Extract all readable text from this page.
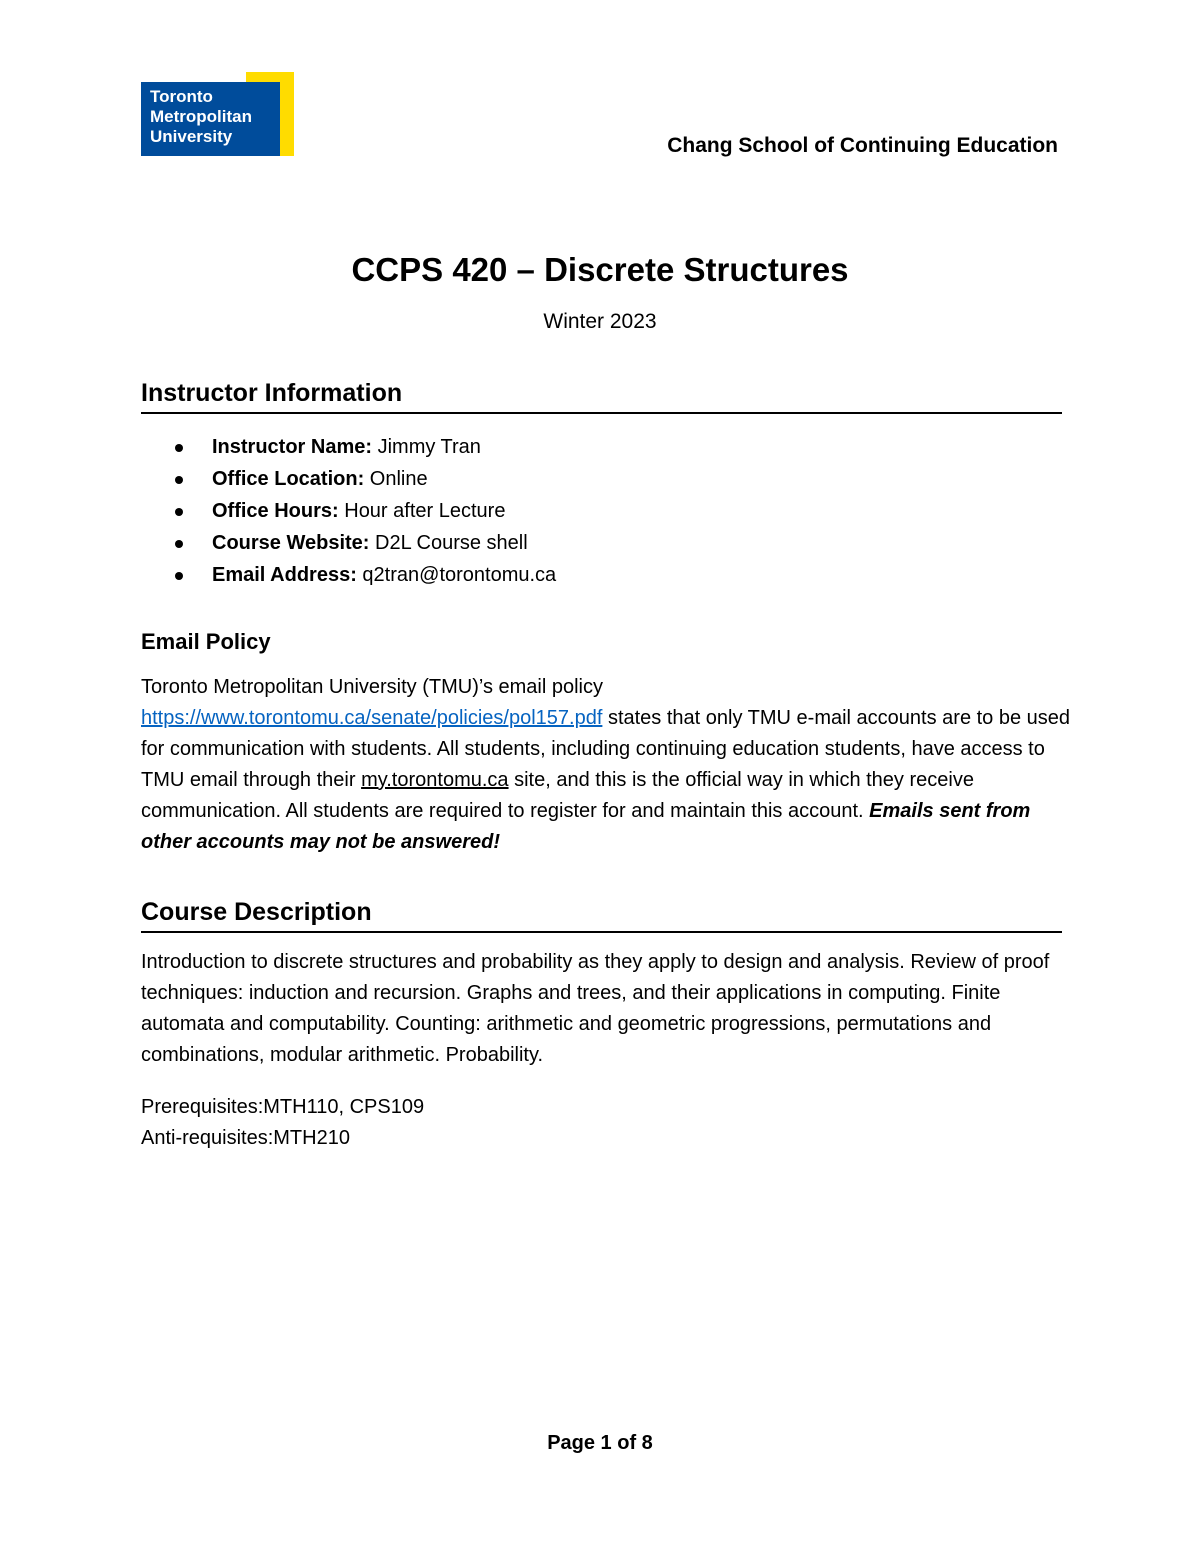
Toronto
Metropolitan
University	Chang School of Continuing Education
CCPS 420 – Discrete Structures
Winter 2023
Instructor Information
Instructor Name: Jimmy Tran
Office Location: Online
Office Hours: Hour after Lecture
Course Website: D2L Course shell
Email Address: q2tran@torontomu.ca
Email Policy

Toronto Metropolitan University (TMU)’s email policy
https://www.torontomu.ca/senate/policies/pol157.pdf states that only TMU e-mail accounts are to be used for communication with students. All students, including continuing education students, have access to TMU email through their my.torontomu.ca site, and this is the official way in which they receive communication. All students are required to register for and maintain this account. Emails sent from other accounts may not be answered!

Course Description

Introduction to discrete structures and probability as they apply to design and analysis. Review of proof techniques: induction and recursion. Graphs and trees, and their applications in computing. Finite automata and computability. Counting: arithmetic and geometric progressions, permutations and combinations, modular arithmetic. Probability.

Prerequisites:MTH110, CPS109
Anti-requisites:MTH210

Page 1 of 8
